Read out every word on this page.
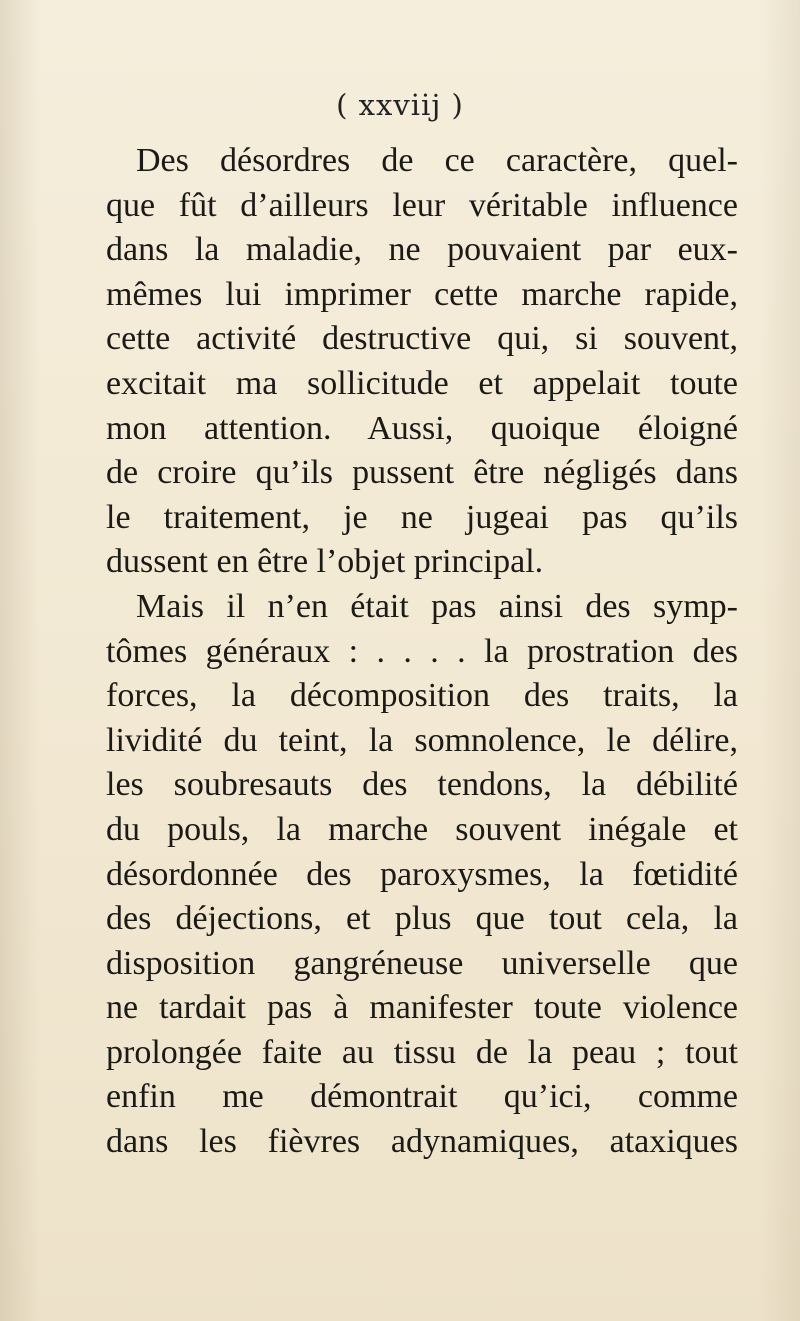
( xxviij )
Des désordres de ce caractère, quel-
que fût d’ailleurs leur véritable influence
dans la maladie, ne pouvaient par eux-
mêmes lui imprimer cette marche rapide,
cette activité destructive qui, si souvent,
excitait ma sollicitude et appelait toute
mon attention. Aussi, quoique éloigné
de croire qu’ils pussent être négligés dans
le traitement, je ne jugeai pas qu’ils
dussent en être l’objet principal.
Mais il n’en était pas ainsi des symp-
tômes généraux : . . . . la prostration des
forces, la décomposition des traits, la
lividité du teint, la somnolence, le délire,
les soubresauts des tendons, la débilité
du pouls, la marche souvent inégale et
désordonnée des paroxysmes, la fœtidité
des déjections, et plus que tout cela, la
disposition gangréneuse universelle que
ne tardait pas à manifester toute violence
prolongée faite au tissu de la peau ; tout
enfin me démontrait qu’ici, comme
dans les fièvres adynamiques, ataxiques
